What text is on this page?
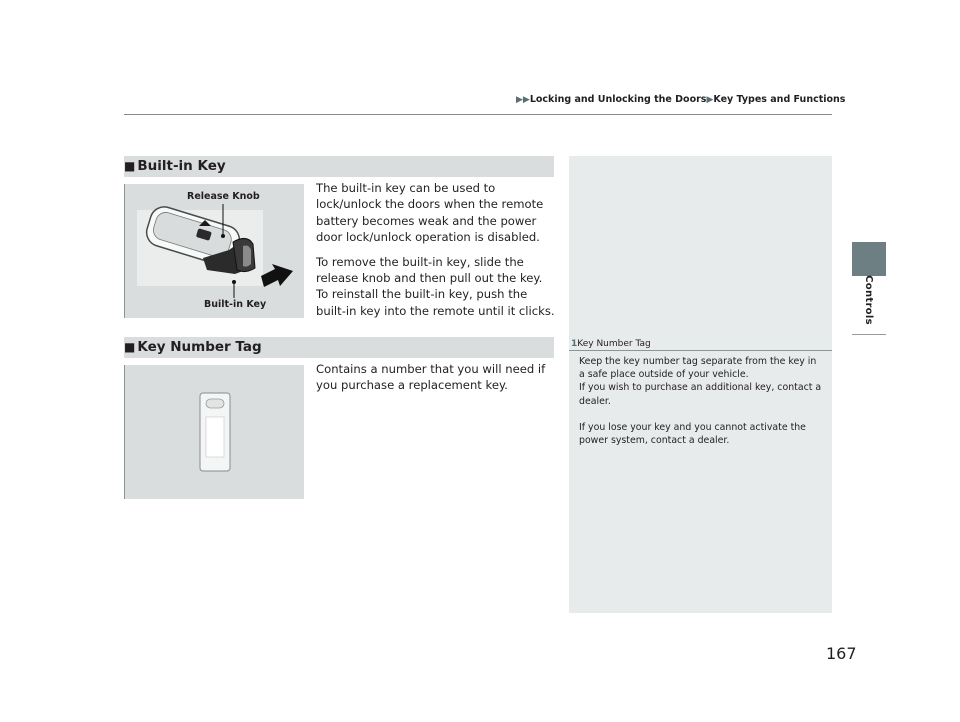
▶▶Locking and Unlocking the Doors▶Key Types and Functions
Controls
1Key Number Tag

Keep the key number tag separate from the key in a safe place outside of your vehicle.
If you wish to purchase an additional key, contact a dealer.

If you lose your key and you cannot activate the power system, contact a dealer.

■ Built-in Key
Release Knob
Built-in Key

The built-in key can be used to lock/unlock the doors when the remote battery becomes weak and the power door lock/unlock operation is disabled.

To remove the built-in key, slide the release knob and then pull out the key. To reinstall the built-in key, push the built-in key into the remote until it clicks.

■ Key Number Tag

Contains a number that you will need if you purchase a replacement key.

167
